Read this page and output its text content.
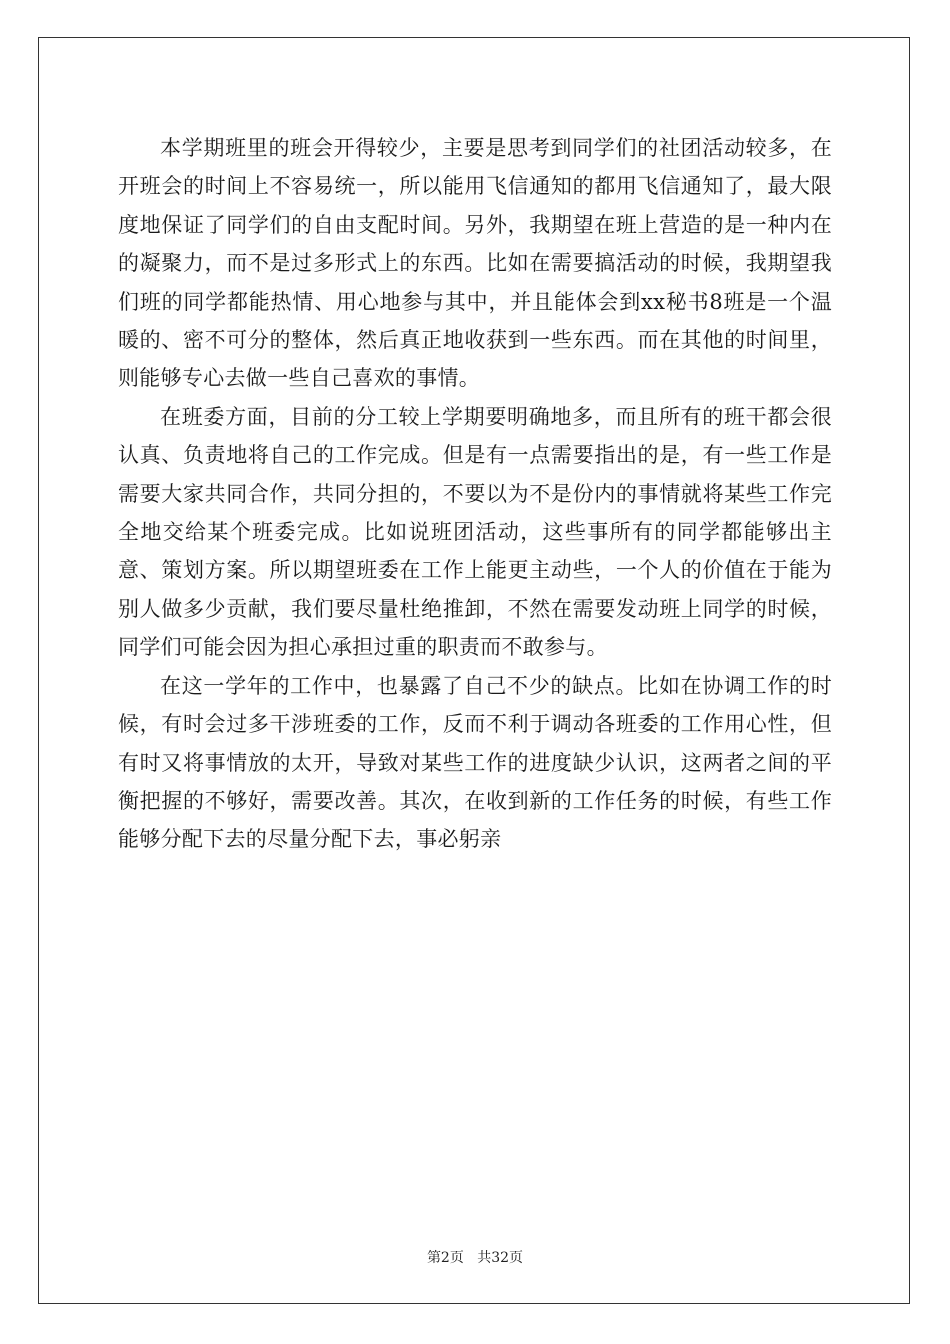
本学期班里的班会开得较少，主要是思考到同学们的社团活动较多，在开班会的时间上不容易统一，所以能用飞信通知的都用飞信通知了，最大限度地保证了同学们的自由支配时间。另外，我期望在班上营造的是一种内在的凝聚力，而不是过多形式上的东西。比如在需要搞活动的时候，我期望我们班的同学都能热情、用心地参与其中，并且能体会到xx秘书8班是一个温暖的、密不可分的整体，然后真正地收获到一些东西。而在其他的时间里，则能够专心去做一些自己喜欢的事情。

在班委方面，目前的分工较上学期要明确地多，而且所有的班干都会很认真、负责地将自己的工作完成。但是有一点需要指出的是，有一些工作是需要大家共同合作，共同分担的，不要以为不是份内的事情就将某些工作完全地交给某个班委完成。比如说班团活动，这些事所有的同学都能够出主意、策划方案。所以期望班委在工作上能更主动些，一个人的价值在于能为别人做多少贡献，我们要尽量杜绝推卸，不然在需要发动班上同学的时候，同学们可能会因为担心承担过重的职责而不敢参与。

在这一学年的工作中，也暴露了自己不少的缺点。比如在协调工作的时候，有时会过多干涉班委的工作，反而不利于调动各班委的工作用心性，但有时又将事情放的太开，导致对某些工作的进度缺少认识，这两者之间的平衡把握的不够好，需要改善。其次，在收到新的工作任务的时候，有些工作能够分配下去的尽量分配下去，事必躬亲

第2页 共32页
